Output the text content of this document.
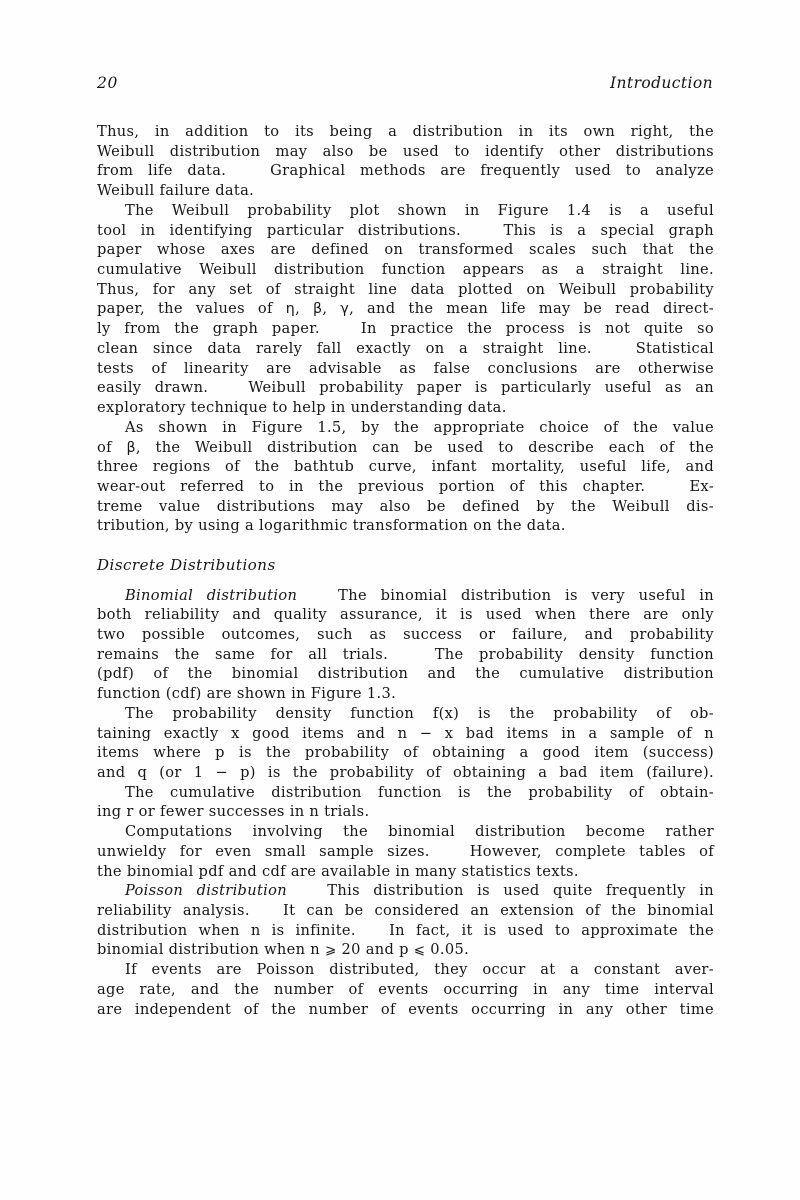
20	Introduction
Thus, in addition to its being a distribution in its own right, the
Weibull distribution may also be used to identify other distributions
from life data.   Graphical methods are frequently used to analyze
Weibull failure data.
The Weibull probability plot shown in Figure 1.4 is a useful
tool in identifying particular distributions.   This is a special graph
paper whose axes are defined on transformed scales such that the
cumulative Weibull distribution function appears as a straight line.
Thus, for any set of straight line data plotted on Weibull probability
paper, the values of η, β, γ, and the mean life may be read direct-
ly from the graph paper.   In practice the process is not quite so
clean since data rarely fall exactly on a straight line.   Statistical
tests of linearity are advisable as false conclusions are otherwise
easily drawn.   Weibull probability paper is particularly useful as an
exploratory technique to help in understanding data.
As shown in Figure 1.5, by the appropriate choice of the value
of β, the Weibull distribution can be used to describe each of the
three regions of the bathtub curve, infant mortality, useful life, and
wear-out referred to in the previous portion of this chapter.   Ex-
treme value distributions may also be defined by the Weibull dis-
tribution, by using a logarithmic transformation on the data.
Discrete Distributions
Binomial distribution   The binomial distribution is very useful in
both reliability and quality assurance, it is used when there are only
two possible outcomes, such as success or failure, and probability
remains the same for all trials.   The probability density function
(pdf) of the binomial distribution and the cumulative distribution
function (cdf) are shown in Figure 1.3.
The probability density function f(x) is the probability of ob-
taining exactly x good items and n − x bad items in a sample of n
items where p is the probability of obtaining a good item (success)
and q (or 1 − p) is the probability of obtaining a bad item (failure).
The cumulative distribution function is the probability of obtain-
ing r or fewer successes in n trials.
Computations involving the binomial distribution become rather
unwieldy for even small sample sizes.   However, complete tables of
the binomial pdf and cdf are available in many statistics texts.
Poisson distribution   This distribution is used quite frequently in
reliability analysis.   It can be considered an extension of the binomial
distribution when n is infinite.   In fact, it is used to approximate the
binomial distribution when n ⩾ 20 and p ⩽ 0.05.
If events are Poisson distributed, they occur at a constant aver-
age rate, and the number of events occurring in any time interval
are independent of the number of events occurring in any other time
